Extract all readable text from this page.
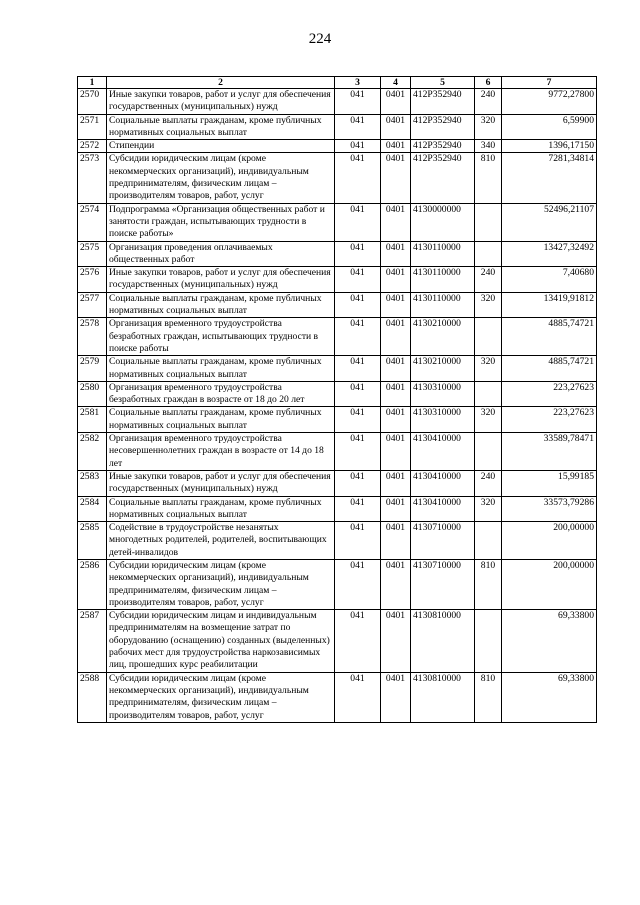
224
1	2	3	4	5	6	7
2570	Иные закупки товаров, работ и услуг для обеспечения государственных (муниципальных) нужд	041	0401	412P352940	240	9772,27800
2571	Социальные выплаты гражданам, кроме публичных нормативных социальных выплат	041	0401	412P352940	320	6,59900
2572	Стипендии	041	0401	412P352940	340	1396,17150
2573	Субсидии юридическим лицам (кроме некоммерческих организаций), индивидуальным предпринимателям, физическим лицам – производителям товаров, работ, услуг	041	0401	412P352940	810	7281,34814
2574	Подпрограмма «Организация общественных работ и занятости граждан, испытывающих трудности в поиске работы»	041	0401	4130000000		52496,21107
2575	Организация проведения оплачиваемых общественных работ	041	0401	4130110000		13427,32492
2576	Иные закупки товаров, работ и услуг для обеспечения государственных (муниципальных) нужд	041	0401	4130110000	240	7,40680
2577	Социальные выплаты гражданам, кроме публичных нормативных социальных выплат	041	0401	4130110000	320	13419,91812
2578	Организация временного трудоустройства безработных граждан, испытывающих трудности в поиске работы	041	0401	4130210000		4885,74721
2579	Социальные выплаты гражданам, кроме публичных нормативных социальных выплат	041	0401	4130210000	320	4885,74721
2580	Организация временного трудоустройства безработных граждан в возрасте от 18 до 20 лет	041	0401	4130310000		223,27623
2581	Социальные выплаты гражданам, кроме публичных нормативных социальных выплат	041	0401	4130310000	320	223,27623
2582	Организация временного трудоустройства несовершеннолетних граждан в возрасте от 14 до 18 лет	041	0401	4130410000		33589,78471
2583	Иные закупки товаров, работ и услуг для обеспечения государственных (муниципальных) нужд	041	0401	4130410000	240	15,99185
2584	Социальные выплаты гражданам, кроме публичных нормативных социальных выплат	041	0401	4130410000	320	33573,79286
2585	Содействие в трудоустройстве незанятых многодетных родителей, родителей, воспитывающих детей-инвалидов	041	0401	4130710000		200,00000
2586	Субсидии юридическим лицам (кроме некоммерческих организаций), индивидуальным предпринимателям, физическим лицам – производителям товаров, работ, услуг	041	0401	4130710000	810	200,00000
2587	Субсидии юридическим лицам и индивидуальным предпринимателям на возмещение затрат по оборудованию (оснащению) созданных (выделенных) рабочих мест для трудоустройства наркозависимых лиц, прошедших курс реабилитации	041	0401	4130810000		69,33800
2588	Субсидии юридическим лицам (кроме некоммерческих организаций), индивидуальным предпринимателям, физическим лицам – производителям товаров, работ, услуг	041	0401	4130810000	810	69,33800
